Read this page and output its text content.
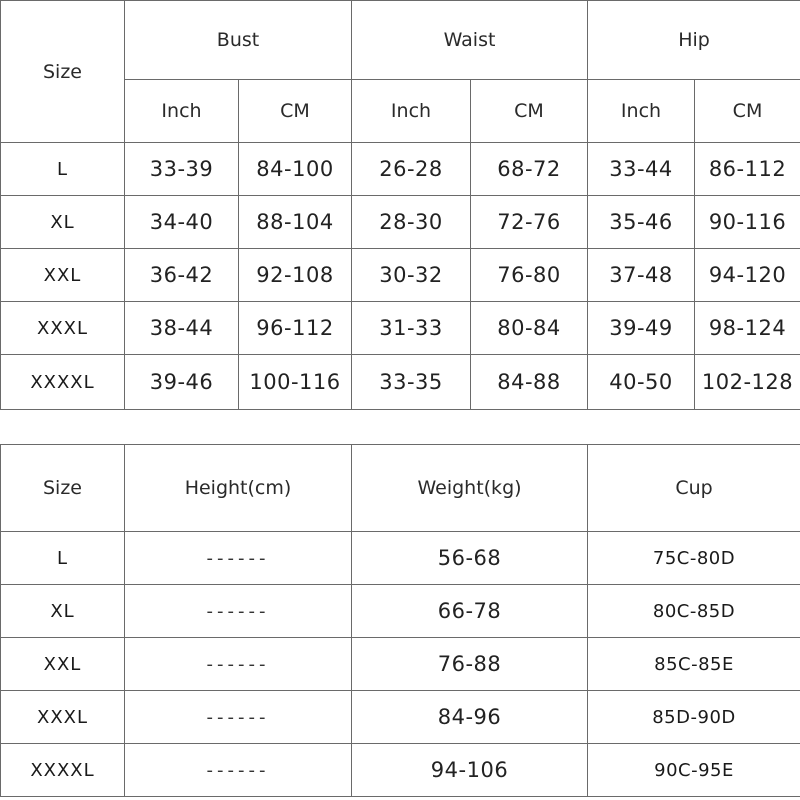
Size	Bust		Waist		Hip	
	Inch	CM	Inch	CM	Inch	CM
L	33-39	84-100	26-28	68-72	33-44	86-112
XL	34-40	88-104	28-30	72-76	35-46	90-116
XXL	36-42	92-108	30-32	76-80	37-48	94-120
XXXL	38-44	96-112	31-33	80-84	39-49	98-124
XXXXL	39-46	100-116	33-35	84-88	40-50	102-128
Size	Height(cm)	Weight(kg)	Cup
L	------	56-68	75C-80D
XL	------	66-78	80C-85D
XXL	------	76-88	85C-85E
XXXL	------	84-96	85D-90D
XXXXL	------	94-106	90C-95E
